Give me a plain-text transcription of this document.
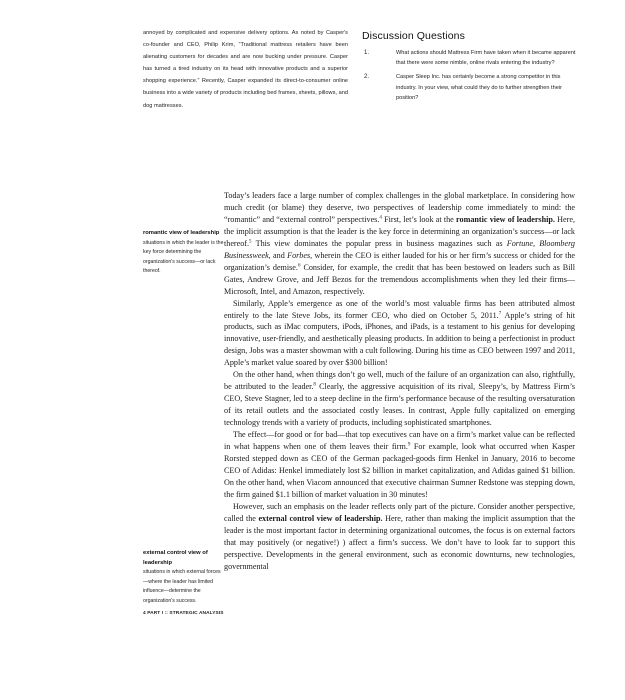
annoyed by complicated and expensive delivery options. As noted by Casper's co-founder and CEO, Philip Krim, “Traditional mattress retailers have been alienating customers for decades and are now bucking under pressure. Casper has turned a tired industry on its head with innovative products and a superior shopping experience.” Recently, Casper expanded its direct-to-consumer online business into a wide variety of products including bed frames, sheets, pillows, and dog mattresses.
Discussion Questions
1.	What actions should Mattress Firm have taken when it became apparent that there were some nimble, online rivals entering the industry?
2.	Casper Sleep Inc. has certainly become a strong competitor in this industry. In your view, what could they do to further strengthen their position?
romantic view of leadership
situations in which the leader is the key force determining the organization's success—or lack thereof.
external control view of leadership
situations in which external forces—where the leader has limited influence—determine the organization's success.

Today’s leaders face a large number of complex challenges in the global marketplace. In considering how much credit (or blame) they deserve, two perspectives of leadership come immediately to mind: the “romantic” and “external control” perspectives.$^4$ First, let’s look at the romantic view of leadership. Here, the implicit assumption is that the leader is the key force in determining an organization’s success—or lack thereof.$^5$ This view dominates the popular press in business magazines such as Fortune, Bloomberg Businessweek, and Forbes, wherein the CEO is either lauded for his or her firm’s success or chided for the organization’s demise.$^6$ Consider, for example, the credit that has been bestowed on leaders such as Bill Gates, Andrew Grove, and Jeff Bezos for the tremendous accomplishments when they led their firms—Microsoft, Intel, and Amazon, respectively.

Similarly, Apple’s emergence as one of the world’s most valuable firms has been attributed almost entirely to the late Steve Jobs, its former CEO, who died on October 5, 2011.$^7$ Apple’s string of hit products, such as iMac computers, iPods, iPhones, and iPads, is a testament to his genius for developing innovative, user-friendly, and aesthetically pleasing products. In addition to being a perfectionist in product design, Jobs was a master showman with a cult following. During his time as CEO between 1997 and 2011, Apple’s market value soared by over $300 billion!

On the other hand, when things don’t go well, much of the failure of an organization can also, rightfully, be attributed to the leader.$^8$ Clearly, the aggressive acquisition of its rival, Sleepy’s, by Mattress Firm’s CEO, Steve Stagner, led to a steep decline in the firm’s performance because of the resulting oversaturation of its retail outlets and the associated costly leases. In contrast, Apple fully capitalized on emerging technology trends with a variety of products, including sophisticated smartphones.

The effect—for good or for bad—that top executives can have on a firm’s market value can be reflected in what happens when one of them leaves their firm.$^9$ For example, look what occurred when Kasper Rorsted stepped down as CEO of the German packaged-goods firm Henkel in January, 2016 to become CEO of Adidas: Henkel immediately lost $2 billion in market capitalization, and Adidas gained $1 billion. On the other hand, when Viacom announced that executive chairman Sumner Redstone was stepping down, the firm gained $1.1 billion of market valuation in 30 minutes!

However, such an emphasis on the leader reflects only part of the picture. Consider another perspective, called the external control view of leadership. Here, rather than making the implicit assumption that the leader is the most important factor in determining organizational outcomes, the focus is on external factors that may positively (or negative!) ) affect a firm’s success. We don’t have to look far to support this perspective. Developments in the general environment, such as economic downturns, new technologies, governmental

4 PART I :: STRATEGIC ANALYSIS
